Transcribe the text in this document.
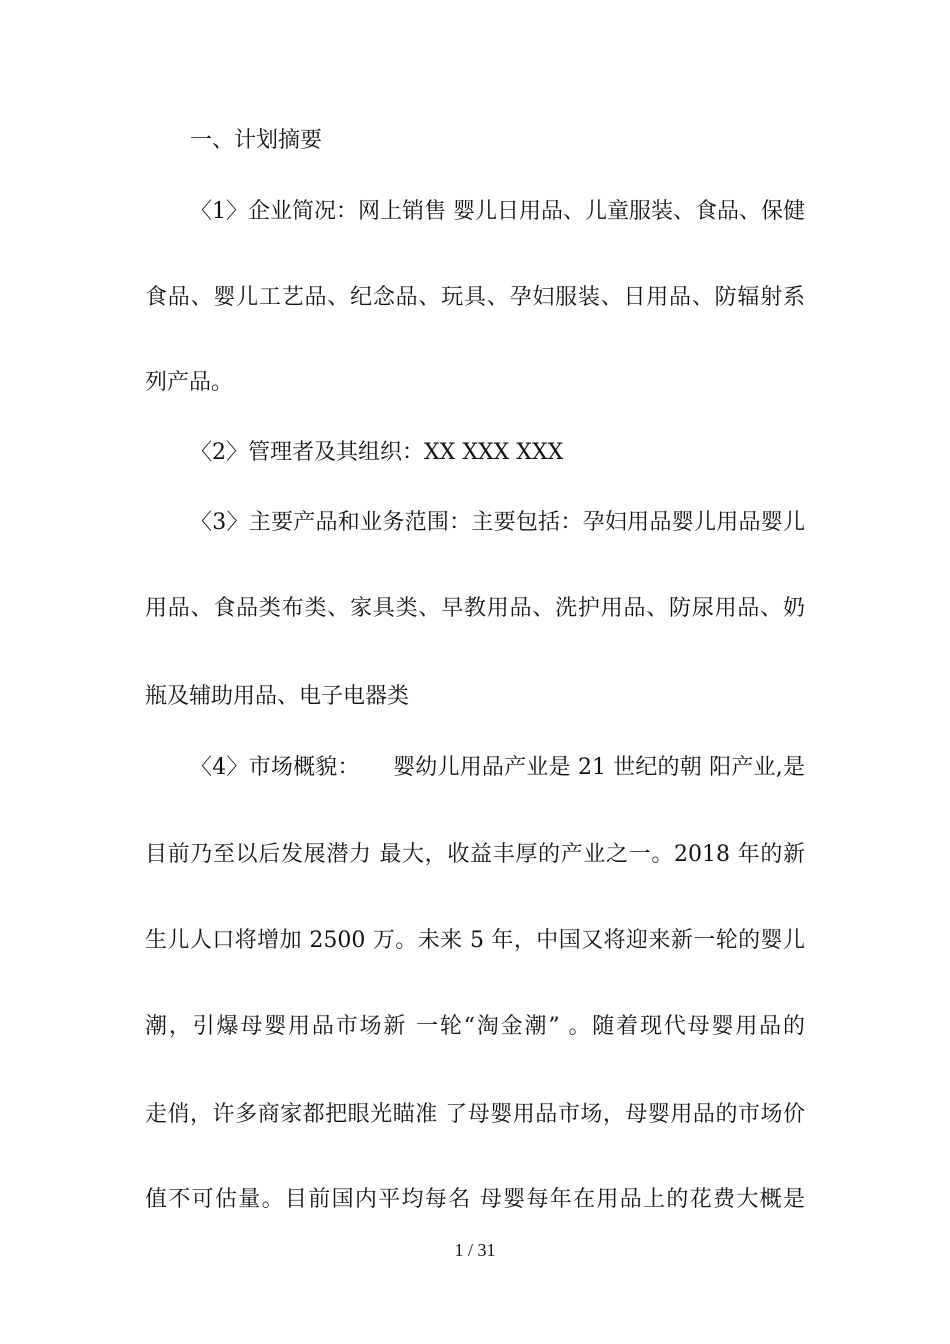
一、计划摘要
〈1〉企业简况：网上销售 婴儿日用品、儿童服装、食品、保健
食品、婴儿工艺品、纪念品、玩具、孕妇服装、日用品、防辐射系
列产品。
〈2〉管理者及其组织：XX XXX XXX
〈3〉主要产品和业务范围：主要包括：孕妇用品婴儿用品婴儿
用品、食品类布类、家具类、早教用品、洗护用品、防尿用品、奶
瓶及辅助用品、电子电器类
〈4〉市场概貌：　　婴幼儿用品产业是 21 世纪的朝 阳产业,是
目前乃至以后发展潜力 最大，收益丰厚的产业之一。2018 年的新
生儿人口将增加 2500 万。未来 5 年，中国又将迎来新一轮的婴儿
潮，引爆母婴用品市场新 一轮“淘金潮” 。随着现代母婴用品的
走俏，许多商家都把眼光瞄准 了母婴用品市场，母婴用品的市场价
值不可估量。目前国内平均每名 母婴每年在用品上的花费大概是
1 / 31
